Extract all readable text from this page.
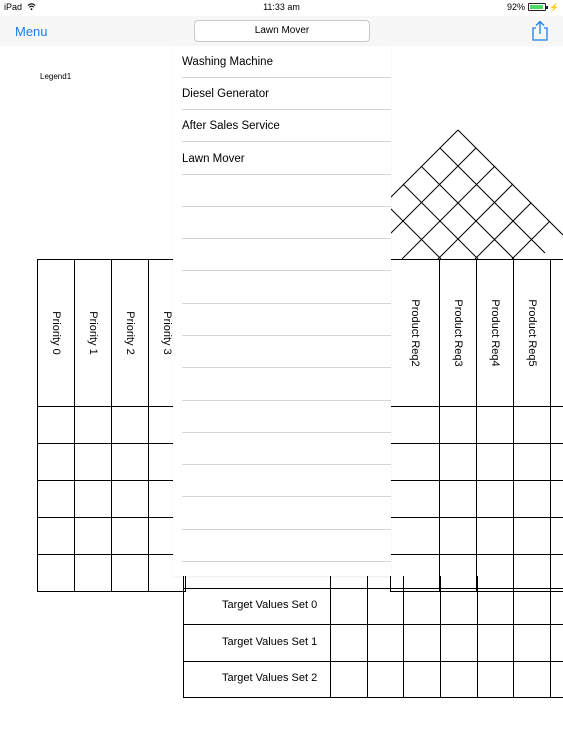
iPad	11:33 am	92%	⚡
Menu	Lawn Mover
Legend1
Priority 0 Priority 1 Priority 2 Priority 3	Product Req2	Product Req3 Product Req4 Product Req5
Target Values Set 0
Target Values Set 1
Target Values Set 2
Washing Machine
Diesel Generator
After Sales Service
Lawn Mover
